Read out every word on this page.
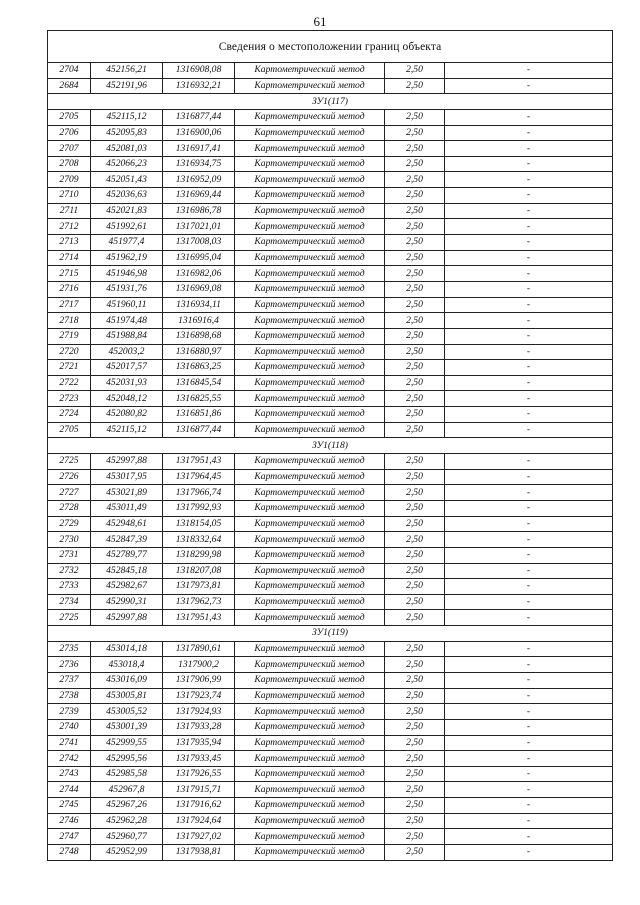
61
Сведения о местоположении границ объекта					
2704	452156,21	1316908,08	Картометрический метод	2,50	-
2684	452191,96	1316932,21	Картометрический метод	2,50	-
ЗУ1(117)					
2705	452115,12	1316877,44	Картометрический метод	2,50	-
2706	452095,83	1316900,06	Картометрический метод	2,50	-
2707	452081,03	1316917,41	Картометрический метод	2,50	-
2708	452066,23	1316934,75	Картометрический метод	2,50	-
2709	452051,43	1316952,09	Картометрический метод	2,50	-
2710	452036,63	1316969,44	Картометрический метод	2,50	-
2711	452021,83	1316986,78	Картометрический метод	2,50	-
2712	451992,61	1317021,01	Картометрический метод	2,50	-
2713	451977,4	1317008,03	Картометрический метод	2,50	-
2714	451962,19	1316995,04	Картометрический метод	2,50	-
2715	451946,98	1316982,06	Картометрический метод	2,50	-
2716	451931,76	1316969,08	Картометрический метод	2,50	-
2717	451960,11	1316934,11	Картометрический метод	2,50	-
2718	451974,48	1316916,4	Картометрический метод	2,50	-
2719	451988,84	1316898,68	Картометрический метод	2,50	-
2720	452003,2	1316880,97	Картометрический метод	2,50	-
2721	452017,57	1316863,25	Картометрический метод	2,50	-
2722	452031,93	1316845,54	Картометрический метод	2,50	-
2723	452048,12	1316825,55	Картометрический метод	2,50	-
2724	452080,82	1316851,86	Картометрический метод	2,50	-
2705	452115,12	1316877,44	Картометрический метод	2,50	-
ЗУ1(118)					
2725	452997,88	1317951,43	Картометрический метод	2,50	-
2726	453017,95	1317964,45	Картометрический метод	2,50	-
2727	453021,89	1317966,74	Картометрический метод	2,50	-
2728	453011,49	1317992,93	Картометрический метод	2,50	-
2729	452948,61	1318154,05	Картометрический метод	2,50	-
2730	452847,39	1318332,64	Картометрический метод	2,50	-
2731	452789,77	1318299,98	Картометрический метод	2,50	-
2732	452845,18	1318207,08	Картометрический метод	2,50	-
2733	452982,67	1317973,81	Картометрический метод	2,50	-
2734	452990,31	1317962,73	Картометрический метод	2,50	-
2725	452997,88	1317951,43	Картометрический метод	2,50	-
ЗУ1(119)					
2735	453014,18	1317890,61	Картометрический метод	2,50	-
2736	453018,4	1317900,2	Картометрический метод	2,50	-
2737	453016,09	1317906,99	Картометрический метод	2,50	-
2738	453005,81	1317923,74	Картометрический метод	2,50	-
2739	453005,52	1317924,93	Картометрический метод	2,50	-
2740	453001,39	1317933,28	Картометрический метод	2,50	-
2741	452999,55	1317935,94	Картометрический метод	2,50	-
2742	452995,56	1317933,45	Картометрический метод	2,50	-
2743	452985,58	1317926,55	Картометрический метод	2,50	-
2744	452967,8	1317915,71	Картометрический метод	2,50	-
2745	452967,26	1317916,62	Картометрический метод	2,50	-
2746	452962,28	1317924,64	Картометрический метод	2,50	-
2747	452960,77	1317927,02	Картометрический метод	2,50	-
2748	452952,99	1317938,81	Картометрический метод	2,50	-
